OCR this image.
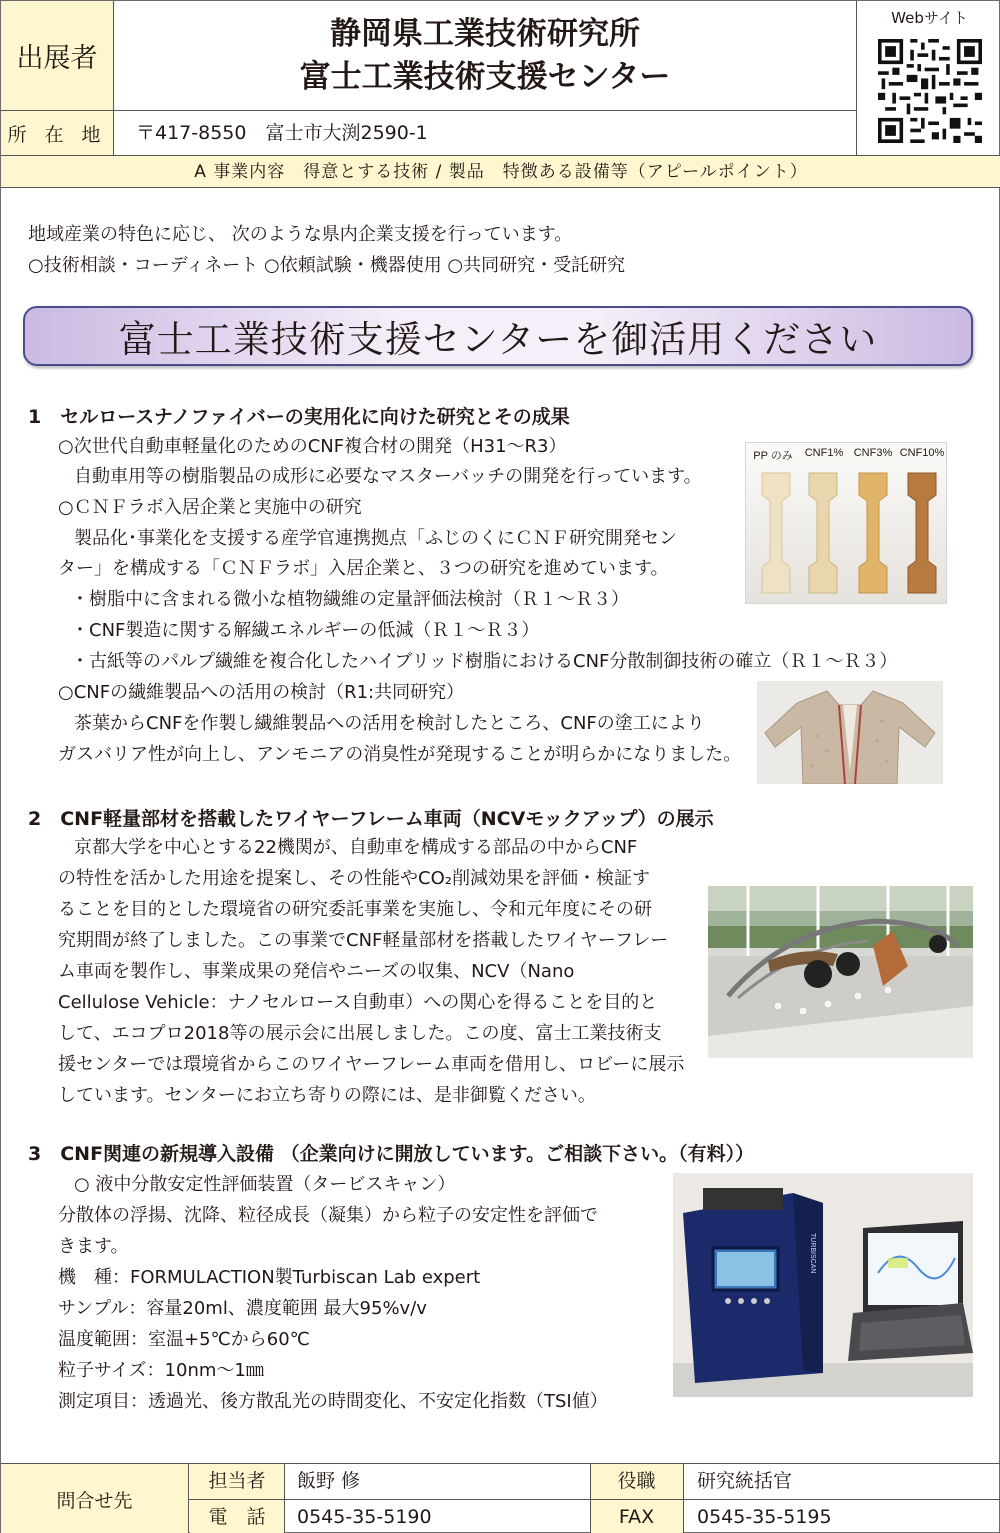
出展者
静岡県工業技術研究所
富士工業技術支援センター
Webサイト
所 在 地	〒417-8550　富士市大渕2590-1
A 事業内容　得意とする技術 / 製品　特徴ある設備等（アピールポイント）
地域産業の特色に応じ、 次のような県内企業支援を行っています。
○技術相談・コーディネート ○依頼試験・機器使用 ○共同研究・受託研究
富士工業技術支援センターを御活用ください
1　セルロースナノファイバーの実用化に向けた研究とその成果
○次世代自動車軽量化のためのCNF複合材の開発（H31～R3）
自動車用等の樹脂製品の成形に必要なマスターバッチの開発を行っています。
○ＣＮＦラボ入居企業と実施中の研究
製品化･事業化を支援する産学官連携拠点「ふじのくにＣＮＦ研究開発セン
ター」を構成する「ＣＮＦラボ」入居企業と、３つの研究を進めています。
・樹脂中に含まれる微小な植物繊維の定量評価法検討（Ｒ１～Ｒ３）
・CNF製造に関する解繊エネルギーの低減（Ｒ１～Ｒ３）
・古紙等のパルプ繊維を複合化したハイブリッド樹脂におけるCNF分散制御技術の確立（Ｒ１～Ｒ３）
○CNFの繊維製品への活用の検討（R1:共同研究）
茶葉からCNFを作製し繊維製品への活用を検討したところ、CNFの塗工により
ガスバリア性が向上し、アンモニアの消臭性が発現することが明らかになりました。
PP のみ	CNF1% CNF3% CNF10%
2　CNF軽量部材を搭載したワイヤーフレーム車両（NCVモックアップ）の展示
京都大学を中心とする22機関が、自動車を構成する部品の中からCNF
の特性を活かした用途を提案し、その性能やCO₂削減効果を評価・検証す
ることを目的とした環境省の研究委託事業を実施し、令和元年度にその研
究期間が終了しました。この事業でCNF軽量部材を搭載したワイヤーフレー
ム車両を製作し、事業成果の発信やニーズの収集、NCV（Nano
Cellulose Vehicle：ナノセルロース自動車）への関心を得ることを目的と
して、エコプロ2018等の展示会に出展しました。この度、富士工業技術支
援センターでは環境省からこのワイヤーフレーム車両を借用し、ロビーに展示
しています。センターにお立ち寄りの際には、是非御覧ください。
3　CNF関連の新規導入設備 （企業向けに開放しています。ご相談下さい。（有料））
○ 液中分散安定性評価装置（タービスキャン）
分散体の浮揚、沈降、粒径成長（凝集）から粒子の安定性を評価で
きます。
機　種：FORMULACTION製Turbiscan Lab expert
サンプル：容量20ml、濃度範囲 最大95%v/v
温度範囲：室温+5℃から60℃
粒子サイズ：10nm～1㎜
測定項目：透過光、後方散乱光の時間変化、不安定化指数（TSI値）
TURBISCAN
問合せ先
担当者	飯野 修	役職	研究統括官
電　話	0545-35-5190	FAX	0545-35-5195
